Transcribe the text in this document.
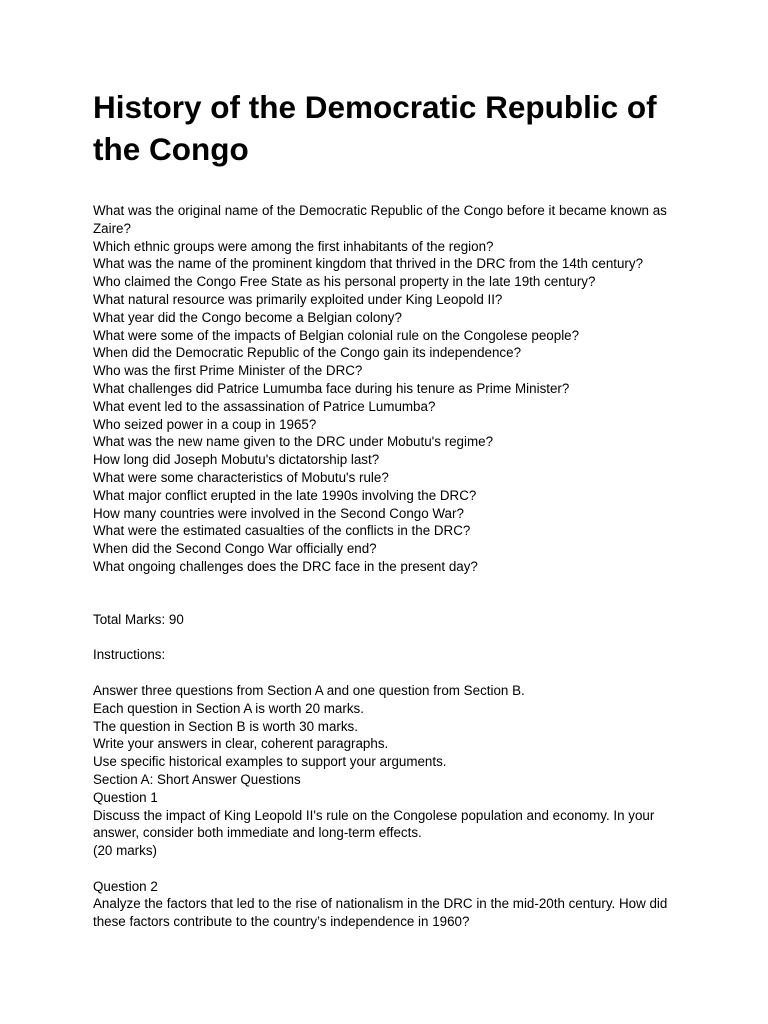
History of the Democratic Republic of the Congo
What was the original name of the Democratic Republic of the Congo before it became known as Zaire?
Which ethnic groups were among the first inhabitants of the region?
What was the name of the prominent kingdom that thrived in the DRC from the 14th century?
Who claimed the Congo Free State as his personal property in the late 19th century?
What natural resource was primarily exploited under King Leopold II?
What year did the Congo become a Belgian colony?
What were some of the impacts of Belgian colonial rule on the Congolese people?
When did the Democratic Republic of the Congo gain its independence?
Who was the first Prime Minister of the DRC?
What challenges did Patrice Lumumba face during his tenure as Prime Minister?
What event led to the assassination of Patrice Lumumba?
Who seized power in a coup in 1965?
What was the new name given to the DRC under Mobutu's regime?
How long did Joseph Mobutu's dictatorship last?
What were some characteristics of Mobutu's rule?
What major conflict erupted in the late 1990s involving the DRC?
How many countries were involved in the Second Congo War?
What were the estimated casualties of the conflicts in the DRC?
When did the Second Congo War officially end?
What ongoing challenges does the DRC face in the present day?
Total Marks: 90
Instructions:
Answer three questions from Section A and one question from Section B.
Each question in Section A is worth 20 marks.
The question in Section B is worth 30 marks.
Write your answers in clear, coherent paragraphs.
Use specific historical examples to support your arguments.
Section A: Short Answer Questions
Question 1
Discuss the impact of King Leopold II's rule on the Congolese population and economy. In your answer, consider both immediate and long-term effects.
(20 marks)
Question 2
Analyze the factors that led to the rise of nationalism in the DRC in the mid-20th century. How did these factors contribute to the country’s independence in 1960?
